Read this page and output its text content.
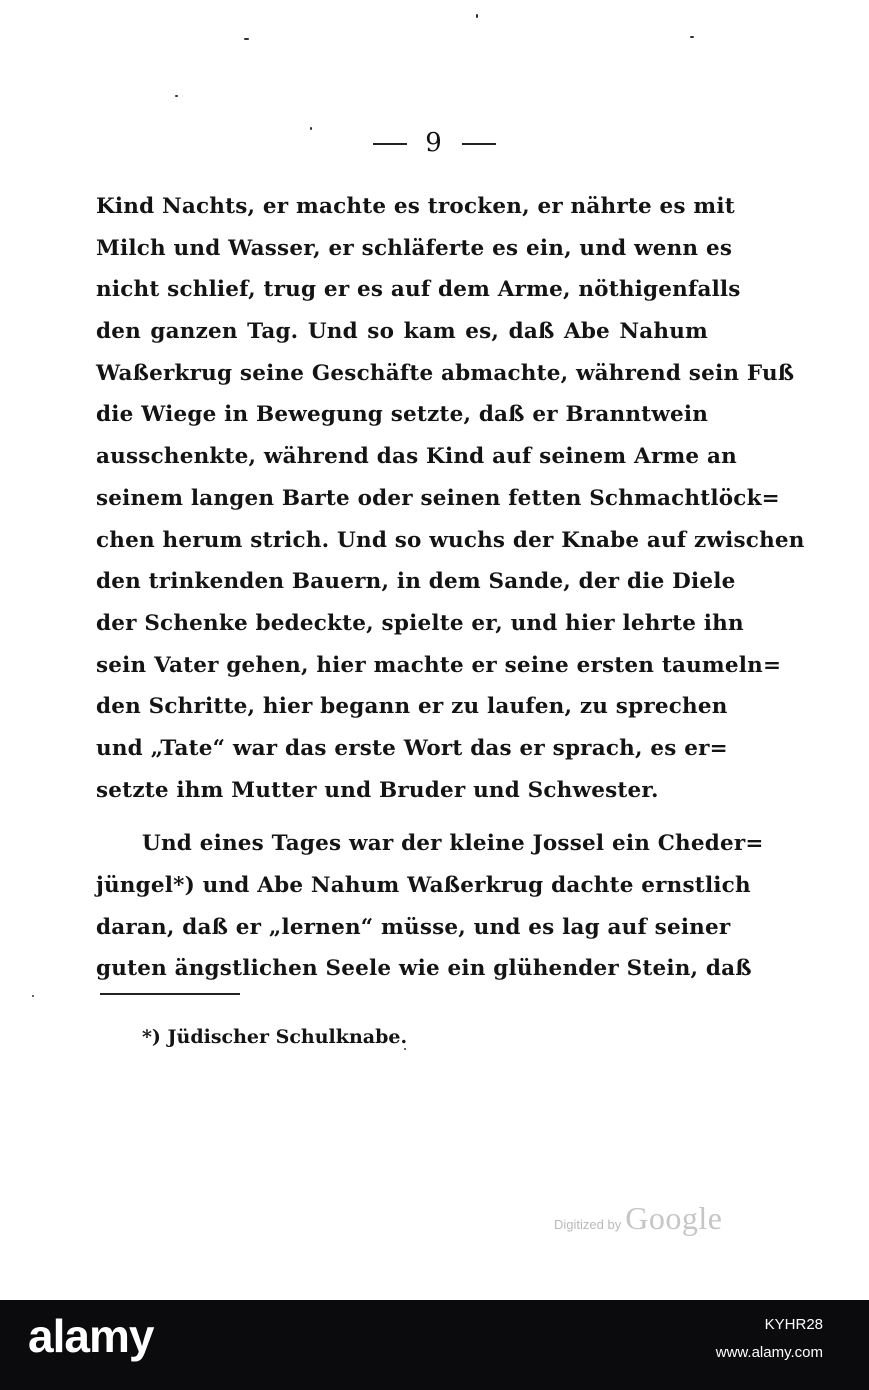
9
Kind Nachts, er machte es trocken, er nährte es mit
Milch und Wasser, er schläferte es ein, und wenn es
nicht schlief, trug er es auf dem Arme, nöthigenfalls
den ganzen Tag. Und so kam es, daß Abe Nahum
Waßerkrug seine Geschäfte abmachte, während sein Fuß
die Wiege in Bewegung setzte, daß er Branntwein
ausschenkte, während das Kind auf seinem Arme an
seinem langen Barte oder seinen fetten Schmachtlöck=
chen herum strich. Und so wuchs der Knabe auf zwischen
den trinkenden Bauern, in dem Sande, der die Diele
der Schenke bedeckte, spielte er, und hier lehrte ihn
sein Vater gehen, hier machte er seine ersten taumeln=
den Schritte, hier begann er zu laufen, zu sprechen
und „Tate“ war das erste Wort das er sprach, es er=
setzte ihm Mutter und Bruder und Schwester.
Und eines Tages war der kleine Jossel ein Cheder=
jüngel*) und Abe Nahum Waßerkrug dachte ernstlich
daran, daß er „lernen“ müsse, und es lag auf seiner
guten ängstlichen Seele wie ein glühender Stein, daß
*) Jüdischer Schulknabe.
Digitized by Google
alamy	KYHR28
www.alamy.com
